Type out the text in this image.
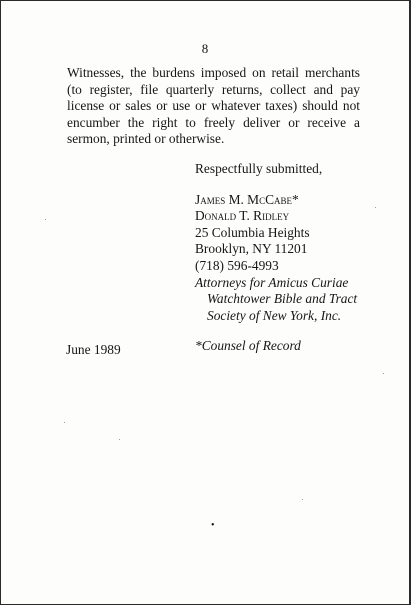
8

Witnesses, the burdens imposed on retail merchants (to register, file quarterly returns, collect and pay license or sales or use or whatever taxes) should not encumber the right to freely deliver or receive a sermon, printed or otherwise.

Respectfully submitted,
James M. McCabe*
Donald T. Ridley
25 Columbia Heights
Brooklyn, NY 11201
(718) 596-4993
Attorneys for Amicus Curiae
Watchtower Bible and Tract
Society of New York, Inc.
*Counsel of Record
June 1989
•
